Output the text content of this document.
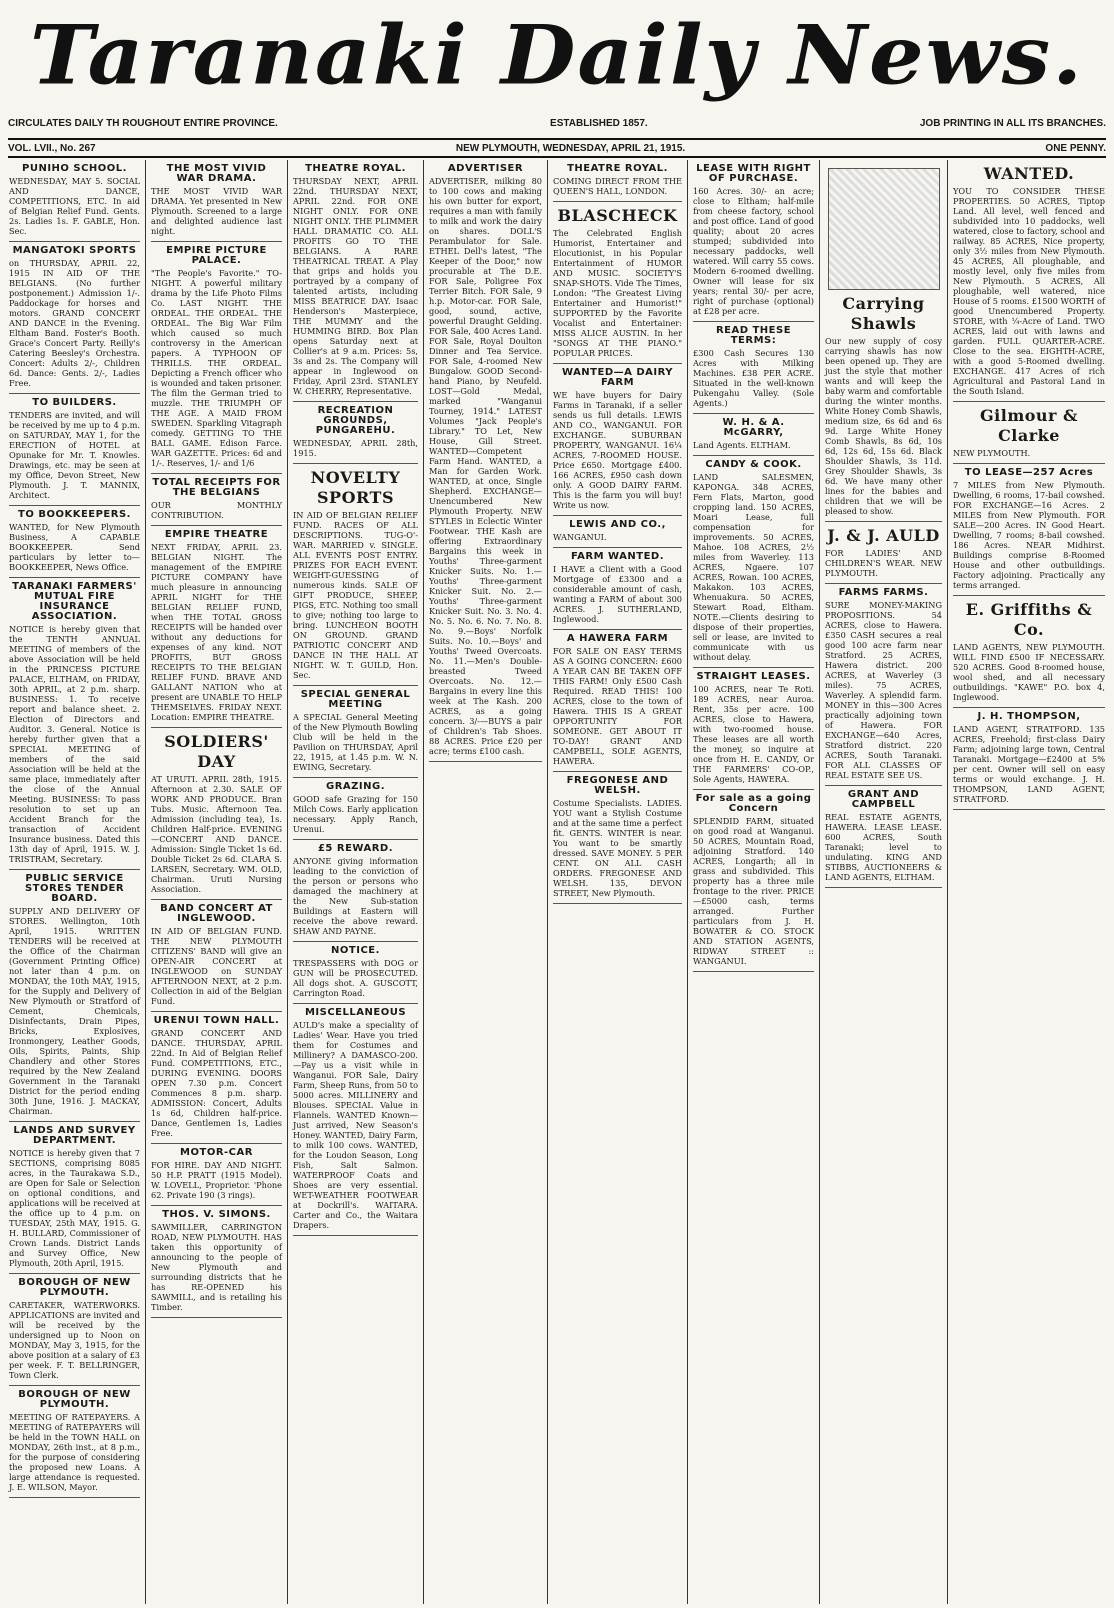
Taranaki Daily News.
CIRCULATES DAILY TH ROUGHOUT ENTIRE PROVINCE.	ESTABLISHED 1857.	JOB PRINTING IN ALL ITS BRANCHES.
VOL. LVII., No. 267	NEW PLYMOUTH, WEDNESDAY, APRIL 21, 1915.	ONE PENNY.
PUNIHO SCHOOL.
WEDNESDAY, MAY 5. SOCIAL AND DANCE, COMPETITIONS, ETC. In aid of Belgian Relief Fund. Gents. 2s. Ladies 1s. F. GABLE, Hon. Sec.
MANGATOKI SPORTS
on THURSDAY, APRIL 22, 1915 IN AID OF THE BELGIANS. (No further postponement.) Admission 1/-. Paddockage for horses and motors. GRAND CONCERT AND DANCE in the Evening. Eltham Band. Foster's Booth. Grace's Concert Party. Reilly's Catering Beesley's Orchestra. Concert: Adults 2/-, Children 6d. Dance: Gents. 2/-, Ladies Free.
TO BUILDERS.
TENDERS are invited, and will be received by me up to 4 p.m. on SATURDAY, MAY 1, for the ERECTION of HOTEL at Opunake for Mr. T. Knowles. Drawings, etc. may be seen at my Office, Devon Street, New Plymouth. J. T. MANNIX, Architect.
TO BOOKKEEPERS.
WANTED, for New Plymouth Business, A CAPABLE BOOKKEEPER. Send particulars by letter to— BOOKKEEPER, News Office.
TARANAKI FARMERS' MUTUAL FIRE INSURANCE ASSOCIATION.
NOTICE is hereby given that the TENTH ANNUAL MEETING of members of the above Association will be held in the PRINCESS PICTURE PALACE, ELTHAM, on FRIDAY, 30th APRIL, at 2 p.m. sharp. BUSINESS: 1. To receive report and balance sheet. 2. Election of Directors and Auditor. 3. General. Notice is hereby further given that a SPECIAL MEETING of members of the said Association will be held at the same place, immediately after the close of the Annual Meeting. BUSINESS: To pass resolution to set up an Accident Branch for the transaction of Accident Insurance business. Dated this 13th day of April, 1915. W. J. TRISTRAM, Secretary.
PUBLIC SERVICE STORES TENDER BOARD.
SUPPLY AND DELIVERY OF STORES. Wellington, 10th April, 1915. WRITTEN TENDERS will be received at the Office of the Chairman (Government Printing Office) not later than 4 p.m. on MONDAY, the 10th MAY, 1915, for the Supply and Delivery of New Plymouth or Stratford of Cement, Chemicals, Disinfectants, Drain Pipes, Bricks, Explosives, Ironmongery, Leather Goods, Oils, Spirits, Paints, Ship Chandlery and other Stores required by the New Zealand Government in the Taranaki District for the period ending 30th June, 1916. J. MACKAY, Chairman.
LANDS AND SURVEY DEPARTMENT.
NOTICE is hereby given that 7 SECTIONS, comprising 8085 acres, in the Taurakawa S.D., are Open for Sale or Selection on optional conditions, and applications will be received at the office up to 4 p.m. on TUESDAY, 25th MAY, 1915. G. H. BULLARD, Commissioner of Crown Lands. District Lands and Survey Office, New Plymouth, 20th April, 1915.
BOROUGH OF NEW PLYMOUTH.
CARETAKER, WATERWORKS. APPLICATIONS are invited and will be received by the undersigned up to Noon on MONDAY, May 3, 1915, for the above position at a salary of £3 per week. F. T. BELLRINGER, Town Clerk.
BOROUGH OF NEW PLYMOUTH.
MEETING OF RATEPAYERS. A MEETING of RATEPAYERS will be held in the TOWN HALL on MONDAY, 26th inst., at 8 p.m., for the purpose of considering the proposed new Loans. A large attendance is requested. J. E. WILSON, Mayor.
THE MOST VIVID WAR DRAMA.
THE MOST VIVID WAR DRAMA. Yet presented in New Plymouth. Screened to a large and delighted audience last night.
EMPIRE PICTURE PALACE.
"The People's Favorite." TO-NIGHT. A powerful military drama by the Life Photo Films Co. LAST NIGHT. THE ORDEAL. THE ORDEAL. THE ORDEAL. The Big War Film which caused so much controversy in the American papers. A TYPHOON OF THRILLS. THE ORDEAL. Depicting a French officer who is wounded and taken prisoner. The film the German tried to muzzle. THE TRIUMPH OF THE AGE. A MAID FROM SWEDEN. Sparkling Vitagraph comedy. GETTING TO THE BALL GAME. Edison Farce. WAR GAZETTE. Prices: 6d and 1/-. Reserves, 1/- and 1/6
TOTAL RECEIPTS FOR THE BELGIANS
OUR MONTHLY CONTRIBUTION.
EMPIRE THEATRE
NEXT FRIDAY, APRIL 23. BELGIAN NIGHT. The management of the EMPIRE PICTURE COMPANY have much pleasure in announcing APRIL NIGHT for THE BELGIAN RELIEF FUND, when THE TOTAL GROSS RECEIPTS will be handed over without any deductions for expenses of any kind. NOT PROFITS, BUT GROSS RECEIPTS TO THE BELGIAN RELIEF FUND. BRAVE AND GALLANT NATION who at present are UNABLE TO HELP THEMSELVES. FRIDAY NEXT. Location: EMPIRE THEATRE.
SOLDIERS' DAY
AT URUTI. APRIL 28th, 1915. Afternoon at 2.30. SALE OF WORK AND PRODUCE. Bran Tubs. Music. Afternoon Tea. Admission (including tea), 1s. Children Half-price. EVENING—CONCERT AND DANCE. Admission: Single Ticket 1s 6d. Double Ticket 2s 6d. CLARA S. LARSEN, Secretary. WM. OLD, Chairman. Uruti Nursing Association.
BAND CONCERT AT INGLEWOOD.
IN AID OF BELGIAN FUND. THE NEW PLYMOUTH CITIZENS' BAND will give an OPEN-AIR CONCERT at INGLEWOOD on SUNDAY AFTERNOON NEXT, at 2 p.m. Collection in aid of the Belgian Fund.
URENUI TOWN HALL.
GRAND CONCERT AND DANCE. THURSDAY, APRIL 22nd. In Aid of Belgian Relief Fund. COMPETITIONS, ETC., DURING EVENING. DOORS OPEN 7.30 p.m. Concert Commences 8 p.m. sharp. ADMISSION: Concert, Adults 1s 6d, Children half-price. Dance, Gentlemen 1s, Ladies Free.
MOTOR-CAR
FOR HIRE. DAY AND NIGHT. 50 H.P. PRATT (1915 Model). W. LOVELL, Proprietor. 'Phone 62. Private 190 (3 rings).
THOS. V. SIMONS.
SAWMILLER, CARRINGTON ROAD, NEW PLYMOUTH. HAS taken this opportunity of announcing to the people of New Plymouth and surrounding districts that he has RE-OPENED his SAWMILL, and is retailing his Timber.
THEATRE ROYAL.
THURSDAY NEXT, APRIL 22nd. THURSDAY NEXT, APRIL 22nd. FOR ONE NIGHT ONLY. FOR ONE NIGHT ONLY. THE PLIMMER HALL DRAMATIC CO. ALL PROFITS GO TO THE BELGIANS. A RARE THEATRICAL TREAT. A Play that grips and holds you portrayed by a company of talented artists, including MISS BEATRICE DAY. Isaac Henderson's Masterpiece, THE MUMMY and the HUMMING BIRD. Box Plan opens Saturday next at Collier's at 9 a.m. Prices: 5s, 3s and 2s. The Company will appear in Inglewood on Friday, April 23rd. STANLEY W. CHERRY, Representative.
RECREATION GROUNDS, PUNGAREHU.
WEDNESDAY, APRIL 28th, 1915.
NOVELTY SPORTS
IN AID OF BELGIAN RELIEF FUND. RACES OF ALL DESCRIPTIONS. TUG-O'-WAR. MARRIED v. SINGLE. ALL EVENTS POST ENTRY. PRIZES FOR EACH EVENT. WEIGHT-GUESSING of numerous kinds. SALE OF GIFT PRODUCE, SHEEP, PIGS, ETC. Nothing too small to give; nothing too large to bring. LUNCHEON BOOTH ON GROUND. GRAND PATRIOTIC CONCERT AND DANCE IN THE HALL AT NIGHT. W. T. GUILD, Hon. Sec.
SPECIAL GENERAL MEETING
A SPECIAL General Meeting of the New Plymouth Bowling Club will be held in the Pavilion on THURSDAY, April 22, 1915, at 1.45 p.m. W. N. EWING, Secretary.
GRAZING.
GOOD safe Grazing for 150 Milch Cows. Early application necessary. Apply Ranch, Urenui.
£5 REWARD.
ANYONE giving information leading to the conviction of the person or persons who damaged the machinery at the New Sub-station Buildings at Eastern will receive the above reward. SHAW AND PAYNE.
NOTICE.
TRESPASSERS with DOG or GUN will be PROSECUTED. All dogs shot. A. GUSCOTT, Carrington Road.
MISCELLANEOUS
AULD's make a speciality of Ladies' Wear. Have you tried them for Costumes and Millinery? A DAMASCO-200.—Pay us a visit while in Wanganui. FOR Sale, Dairy Farm, Sheep Runs, from 50 to 5000 acres. MILLINERY and Blouses. SPECIAL Value in Flannels. WANTED Known—Just arrived, New Season's Honey. WANTED, Dairy Farm, to milk 100 cows. WANTED, for the Loudon Season, Long Fish, Salt Salmon. WATERPROOF Coats and Shoes are very essential. WET-WEATHER FOOTWEAR at Dockrill's. WAITARA. Carter and Co., the Waitara Drapers.
ADVERTISER
ADVERTISER, milking 80 to 100 cows and making his own butter for export, requires a man with family to milk and work the dairy on shares. DOLL'S Perambulator for Sale. ETHEL Dell's latest, "The Keeper of the Door," now procurable at The D.E. FOR Sale, Poligree Fox Terrier Bitch. FOR Sale, 9 h.p. Motor-car. FOR Sale, good, sound, active, powerful Draught Gelding. FOR Sale, 400 Acres Land. FOR Sale, Royal Doulton Dinner and Tea Service. FOR Sale, 4-roomed New Bungalow. GOOD Second-hand Piano, by Neufeld. LOST—Gold Medal, marked "Wanganui Tourney, 1914." LATEST Volumes "Jack People's Library." TO Let, New House, Gill Street. WANTED—Competent Farm Hand. WANTED, a Man for Garden Work. WANTED, at once, Single Shepherd. EXCHANGE—Unencumbered New Plymouth Property. NEW STYLES in Eclectic Winter Footwear. THE Kash are offering Extraordinary Bargains this week in Youths' Three-garment Knicker Suits. No. 1.—Youths' Three-garment Knicker Suit. No. 2.—Youths' Three-garment Knicker Suit. No. 3. No. 4. No. 5. No. 6. No. 7. No. 8. No. 9.—Boys' Norfolk Suits. No. 10.—Boys' and Youths' Tweed Overcoats. No. 11.—Men's Double-breasted Tweed Overcoats. No. 12.—Bargains in every line this week at The Kash. 200 ACRES, as a going concern. 3/-—BUYS a pair of Children's Tab Shoes. 88 ACRES. Price £20 per acre; terms £100 cash.
THEATRE ROYAL.
COMING DIRECT FROM THE QUEEN'S HALL, LONDON.
BLASCHECK
The Celebrated English Humorist, Entertainer and Elocutionist, in his Popular Entertainment of HUMOR AND MUSIC. SOCIETY'S SNAP-SHOTS. Vide The Times, London: "The Greatest Living Entertainer and Humorist!" SUPPORTED by the Favorite Vocalist and Entertainer: MISS ALICE AUSTIN. In her "SONGS AT THE PIANO." POPULAR PRICES.
WANTED—A DAIRY FARM
WE have buyers for Dairy Farms in Taranaki, if a seller sends us full details. LEWIS AND CO., WANGANUI. FOR EXCHANGE. SUBURBAN PROPERTY, WANGANUI. 16¼ ACRES, 7-ROOMED HOUSE. Price £650. Mortgage £400. 166 ACRES, £950 cash down only. A GOOD DAIRY FARM. This is the farm you will buy! Write us now.
LEWIS AND CO.,
WANGANUI.
FARM WANTED.
I HAVE a Client with a Good Mortgage of £3300 and a considerable amount of cash, wanting a FARM of about 300 ACRES. J. SUTHERLAND, Inglewood.
A HAWERA FARM
FOR SALE ON EASY TERMS AS A GOING CONCERN: £600 A YEAR CAN BE TAKEN OFF THIS FARM! Only £500 Cash Required. READ THIS! 100 ACRES, close to the town of Hawera. THIS IS A GREAT OPPORTUNITY FOR SOMEONE. GET ABOUT IT TO-DAY! GRANT AND CAMPBELL, SOLE AGENTS, HAWERA.
FREGONESE AND WELSH.
Costume Specialists. LADIES. YOU want a Stylish Costume and at the same time a perfect fit. GENTS. WINTER is near. You want to be smartly dressed. SAVE MONEY. 5 PER CENT. ON ALL CASH ORDERS. FREGONESE AND WELSH. 135, DEVON STREET, New Plymouth.
LEASE WITH RIGHT OF PURCHASE.
160 Acres. 30/- an acre; close to Eltham; half-mile from cheese factory, school and post office. Land of good quality; about 20 acres stumped; subdivided into necessary paddocks, well watered. Will carry 55 cows. Modern 6-roomed dwelling. Owner will lease for six years; rental 30/- per acre, right of purchase (optional) at £28 per acre.
READ THESE TERMS:
£300 Cash Secures 130 Acres with Milking Machines. £38 PER ACRE. Situated in the well-known Pukengahu Valley. (Sole Agents.)
W. H. & A. McGARRY,
Land Agents. ELTHAM.
CANDY & COOK.
LAND SALESMEN, KAPONGA. 348 ACRES, Fern Flats, Marton, good cropping land. 150 ACRES, Moari Lease, full compensation for improvements. 50 ACRES, Mahoe. 108 ACRES, 2½ miles from Waverley. 113 ACRES, Ngaere. 107 ACRES, Rowan. 100 ACRES, Makakon. 103 ACRES, Whenuakura. 50 ACRES, Stewart Road, Eltham. NOTE.—Clients desiring to dispose of their properties, sell or lease, are invited to communicate with us without delay.
STRAIGHT LEASES.
100 ACRES, near Te Roti. 189 ACRES, near Auroa. Rent, 35s per acre. 100 ACRES, close to Hawera, with two-roomed house. These leases are all worth the money, so inquire at once from H. E. CANDY, Or THE FARMERS' CO-OP., Sole Agents, HAWERA.
For sale as a going Concern
SPLENDID FARM, situated on good road at Wanganui. 50 ACRES, Mountain Road, adjoining Stratford. 140 ACRES, Longarth; all in grass and subdivided. This property has a three mile frontage to the river. PRICE—£5000 cash, terms arranged. Further particulars from J. H. BOWATER & CO. STOCK AND STATION AGENTS, RIDWAY STREET :: WANGANUI.
Carrying Shawls
Our new supply of cosy carrying shawls has now been opened up. They are just the style that mother wants and will keep the baby warm and comfortable during the winter months. White Honey Comb Shawls, medium size, 6s 6d and 6s 9d. Large White Honey Comb Shawls, 8s 6d, 10s 6d, 12s 6d, 15s 6d. Black Shoulder Shawls, 3s 11d. Grey Shoulder Shawls, 3s 6d. We have many other lines for the babies and children that we will be pleased to show.
J. & J. AULD
FOR LADIES' AND CHILDREN'S WEAR. NEW PLYMOUTH.
FARMS FARMS.
SURE MONEY-MAKING PROPOSITIONS. 54 ACRES, close to Hawera. £350 CASH secures a real good 100 acre farm near Stratford. 25 ACRES, Hawera district. 200 ACRES, at Waverley (3 miles). 75 ACRES, Waverley. A splendid farm. MONEY in this—300 Acres practically adjoining town of Hawera. FOR EXCHANGE—640 Acres, Stratford district. 220 ACRES, South Taranaki. FOR ALL CLASSES OF REAL ESTATE SEE US.
GRANT AND CAMPBELL
REAL ESTATE AGENTS, HAWERA. LEASE LEASE. 600 ACRES, South Taranaki; level to undulating. KING AND STIBBS, AUCTIONEERS & LAND AGENTS, ELTHAM.
WANTED.
YOU TO CONSIDER THESE PROPERTIES. 50 ACRES, Tiptop Land. All level, well fenced and subdivided into 10 paddocks, well watered, close to factory, school and railway. 85 ACRES, Nice property, only 3½ miles from New Plymouth. 45 ACRES, All ploughable, and mostly level, only five miles from New Plymouth. 5 ACRES, All ploughable, well watered, nice House of 5 rooms. £1500 WORTH of good Unencumbered Property. STORE, with ¼-Acre of Land. TWO ACRES, laid out with lawns and garden. FULL QUARTER-ACRE. Close to the sea. EIGHTH-ACRE, with a good 5-Roomed dwelling. EXCHANGE. 417 Acres of rich Agricultural and Pastoral Land in the South Island.
Gilmour & Clarke
NEW PLYMOUTH.
TO LEASE—257 Acres
7 MILES from New Plymouth. Dwelling, 6 rooms, 17-bail cowshed. FOR EXCHANGE—16 Acres. 2 MILES from New Plymouth. FOR SALE—200 Acres. IN Good Heart. Dwelling, 7 rooms; 8-bail cowshed. 186 Acres. NEAR Midhirst. Buildings comprise 8-Roomed House and other outbuildings. Factory adjoining. Practically any terms arranged.
E. Griffiths & Co.
LAND AGENTS, NEW PLYMOUTH. WILL FIND £500 IF NECESSARY. 520 ACRES. Good 8-roomed house, wool shed, and all necessary outbuildings. "KAWE" P.O. box 4, Inglewood.
J. H. THOMPSON,
LAND AGENT, STRATFORD. 135 ACRES, Freehold; first-class Dairy Farm; adjoining large town, Central Taranaki. Mortgage—£2400 at 5% per cent. Owner will sell on easy terms or would exchange. J. H. THOMPSON, LAND AGENT, STRATFORD.
